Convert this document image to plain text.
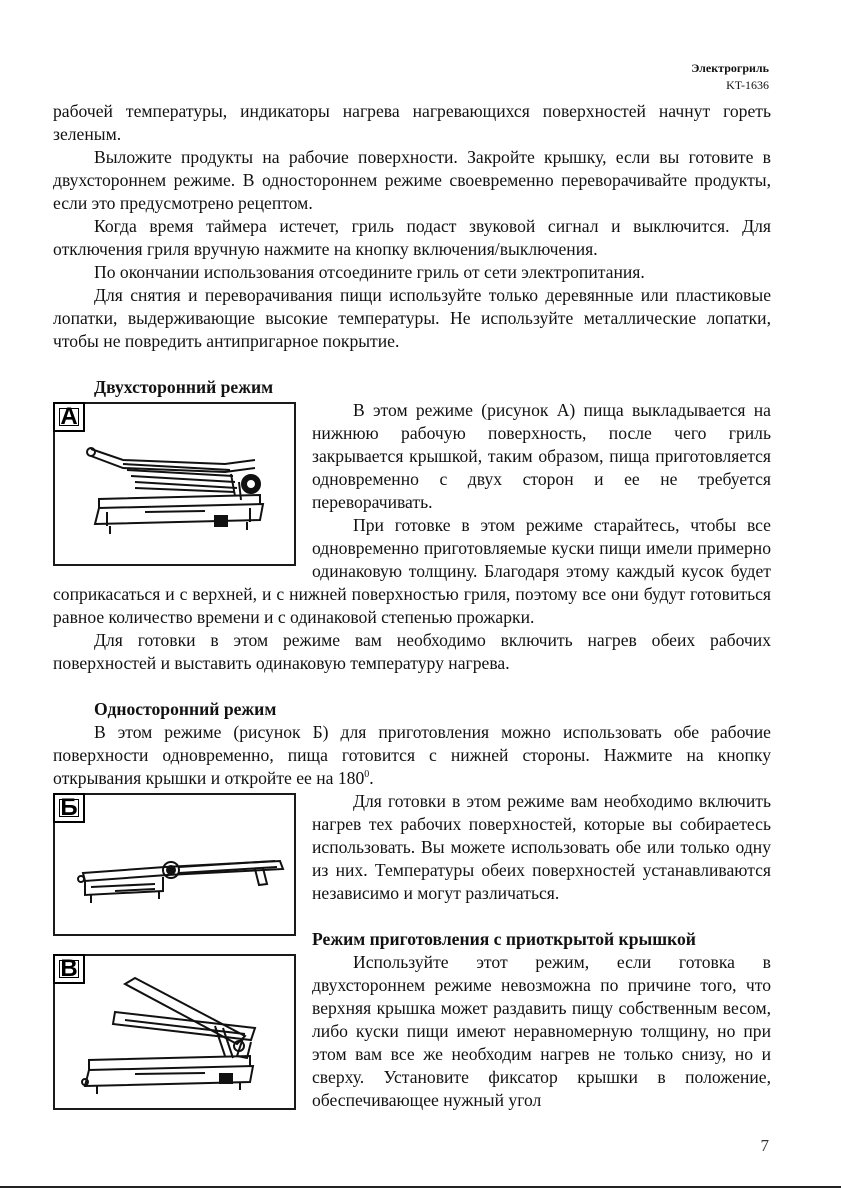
Электрогриль
KT-1636

рабочей температуры, индикаторы нагрева нагревающихся поверхностей начнут гореть зеленым.

Выложите продукты на рабочие поверхности. Закройте крышку, если вы готовите в двухстороннем режиме. В одностороннем режиме своевременно переворачивайте продукты, если это предусмотрено рецептом.

Когда время таймера истечет, гриль подаст звуковой сигнал и выключится. Для отключения гриля вручную нажмите на кнопку включения/выключения.

По окончании использования отсоедините гриль от сети электропитания.

Для снятия и переворачивания пищи используйте только деревянные или пластиковые лопатки, выдерживающие высокие температуры. Не используйте металлические лопатки, чтобы не повредить антипригарное покрытие.

Двухсторонний режим
А	В этом режиме (рисунок А) пища выкладывается на нижнюю рабочую поверхность, после чего гриль закрывается крышкой, таким образом, пища приготовляется одновременно с двух сторон и ее не требуется переворачивать.

При готовке в этом режиме старайтесь, чтобы все одновременно приготовляемые куски пищи имели примерно одинаковую толщину. Благодаря этому каждый кусок будет соприкасаться и с верхней, и с нижней поверхностью гриля, поэтому все они будут готовиться равное количество времени и с одинаковой степенью прожарки.

Для готовки в этом режиме вам необходимо включить нагрев обеих рабочих поверхностей и выставить одинаковую температуру нагрева.

Односторонний режим

В этом режиме (рисунок Б) для приготовления можно использовать обе рабочие поверхности одновременно, пища готовится с нижней стороны. Нажмите на кнопку открывания крышки и откройте ее на $180^0$.

Б	Для готовки в этом режиме вам необходимо включить нагрев тех рабочих поверхностей, которые вы собираетесь использовать. Вы можете использовать обе или только одну из них. Температуры обеих поверхностей устанавливаются независимо и могут различаться.

Режим приготовления с приоткрытой крышкой
В	Используйте этот режим, если готовка в двухстороннем режиме невозможна по причине того, что верхняя крышка может раздавить пищу собственным весом, либо куски пищи имеют неравномерную толщину, но при этом вам все же необходим нагрев не только снизу, но и сверху. Установите фиксатор крышки в положение, обеспечивающее нужный угол

7
